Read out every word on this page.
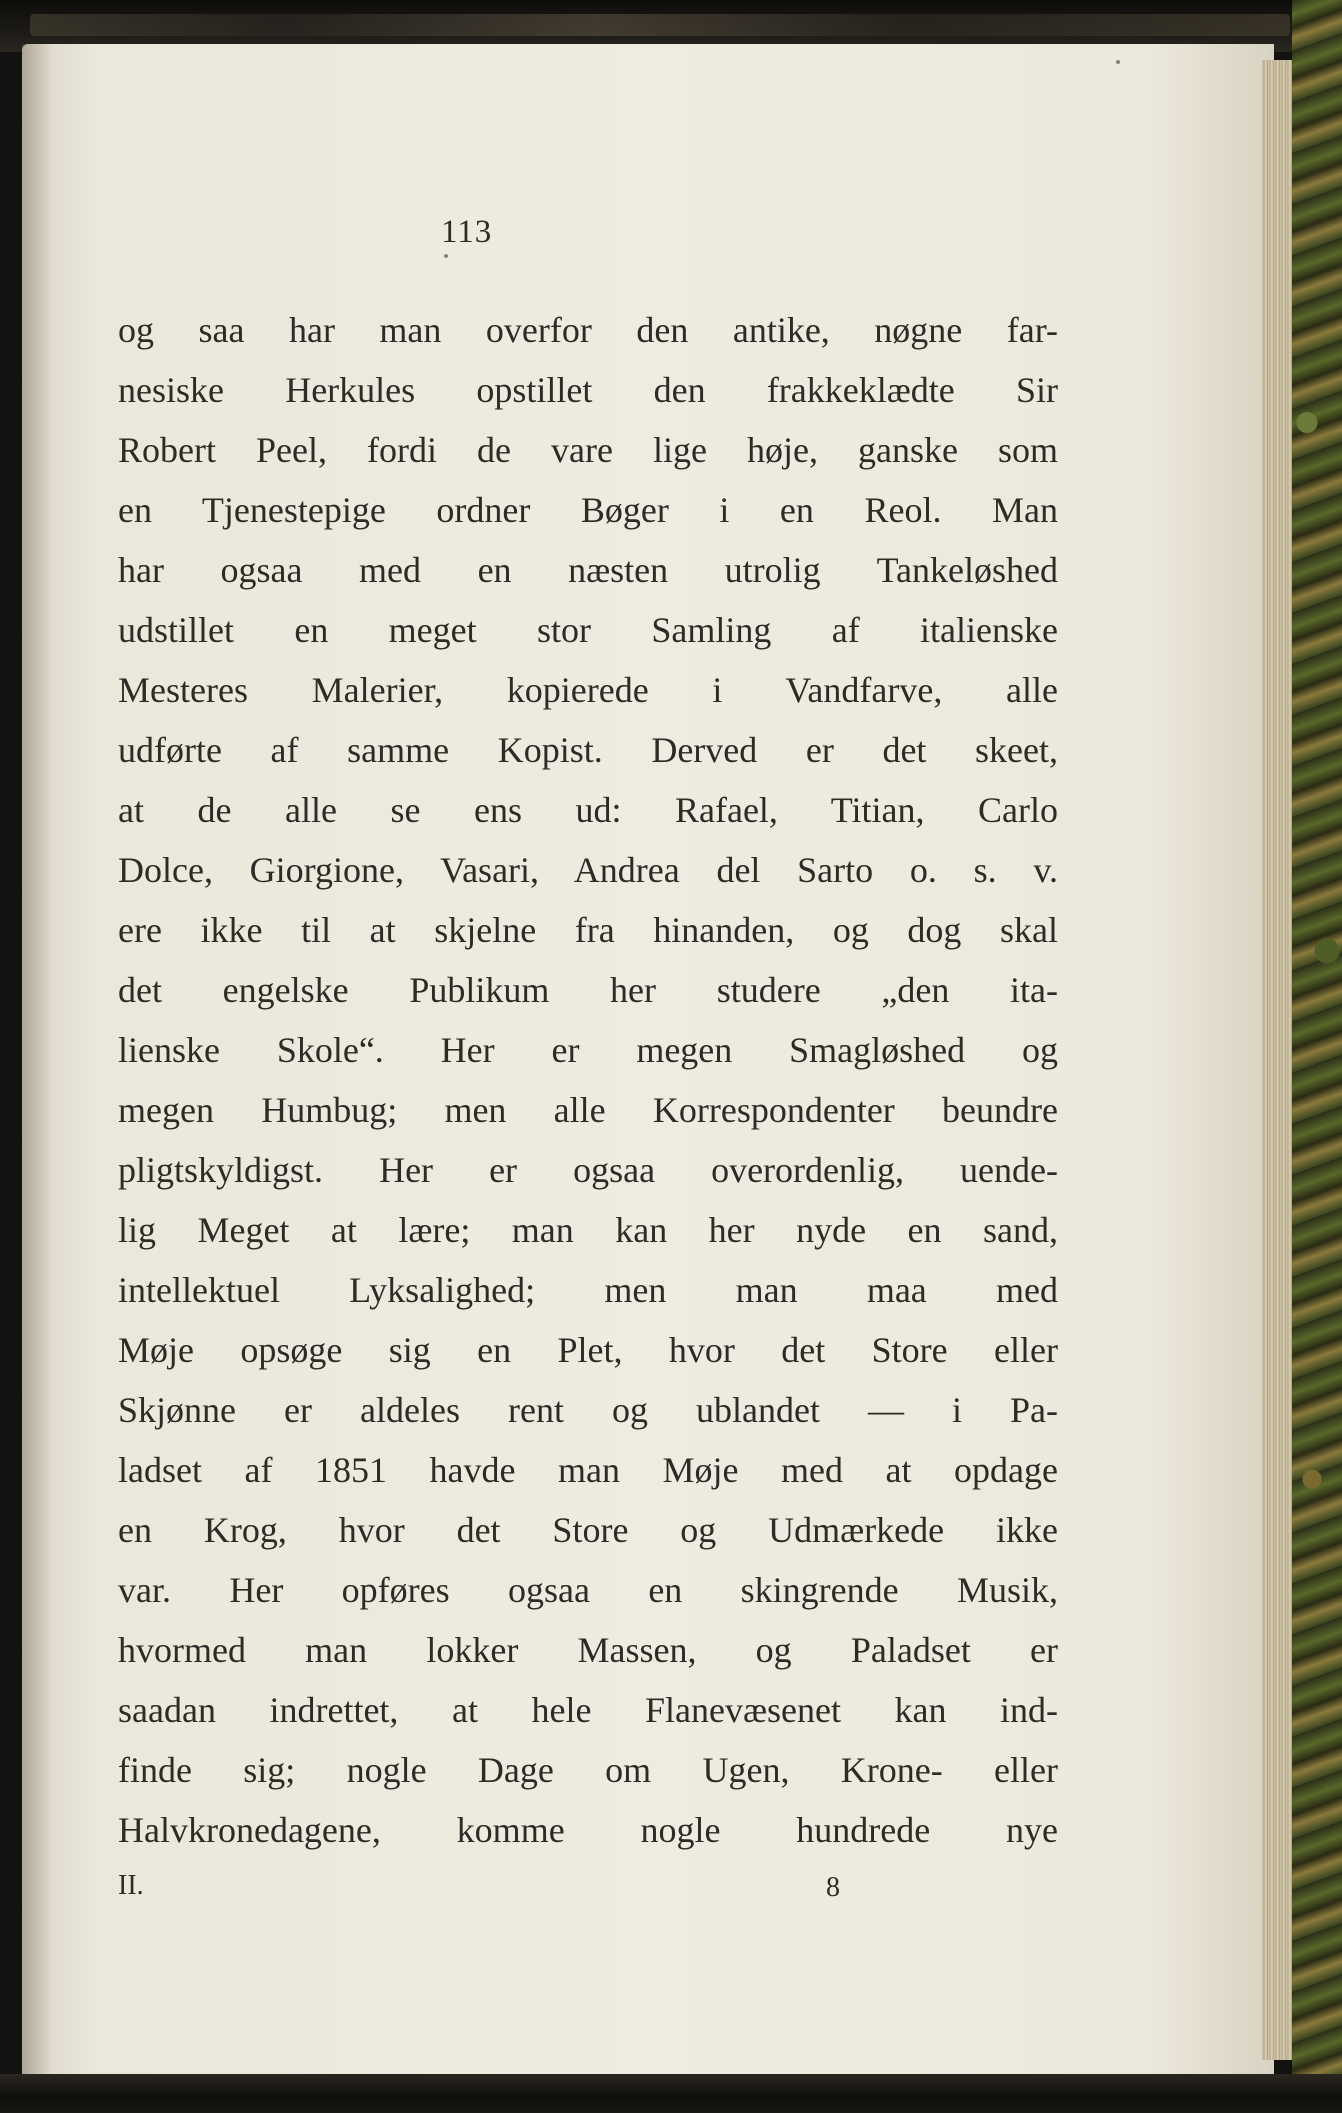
113
og saa har man overfor den antike, nøgne far-
nesiske Herkules opstillet den frakkeklædte Sir
Robert Peel, fordi de vare lige høje, ganske som
en Tjenestepige ordner Bøger i en Reol. Man
har ogsaa med en næsten utrolig Tankeløshed
udstillet en meget stor Samling af italienske
Mesteres Malerier, kopierede i Vandfarve, alle
udførte af samme Kopist. Derved er det skeet,
at de alle se ens ud: Rafael, Titian, Carlo
Dolce, Giorgione, Vasari, Andrea del Sarto o. s. v.
ere ikke til at skjelne fra hinanden, og dog skal
det engelske Publikum her studere „den ita-
lienske Skole“. Her er megen Smagløshed og
megen Humbug; men alle Korrespondenter beundre
pligtskyldigst. Her er ogsaa overordenlig, uende-
lig Meget at lære; man kan her nyde en sand,
intellektuel Lyksalighed; men man maa med
Møje opsøge sig en Plet, hvor det Store eller
Skjønne er aldeles rent og ublandet — i Pa-
ladset af 1851 havde man Møje med at opdage
en Krog, hvor det Store og Udmærkede ikke
var. Her opføres ogsaa en skingrende Musik,
hvormed man lokker Massen, og Paladset er
saadan indrettet, at hele Flanevæsenet kan ind-
finde sig; nogle Dage om Ugen, Krone- eller
Halvkronedagene, komme nogle hundrede nye
II.	8
